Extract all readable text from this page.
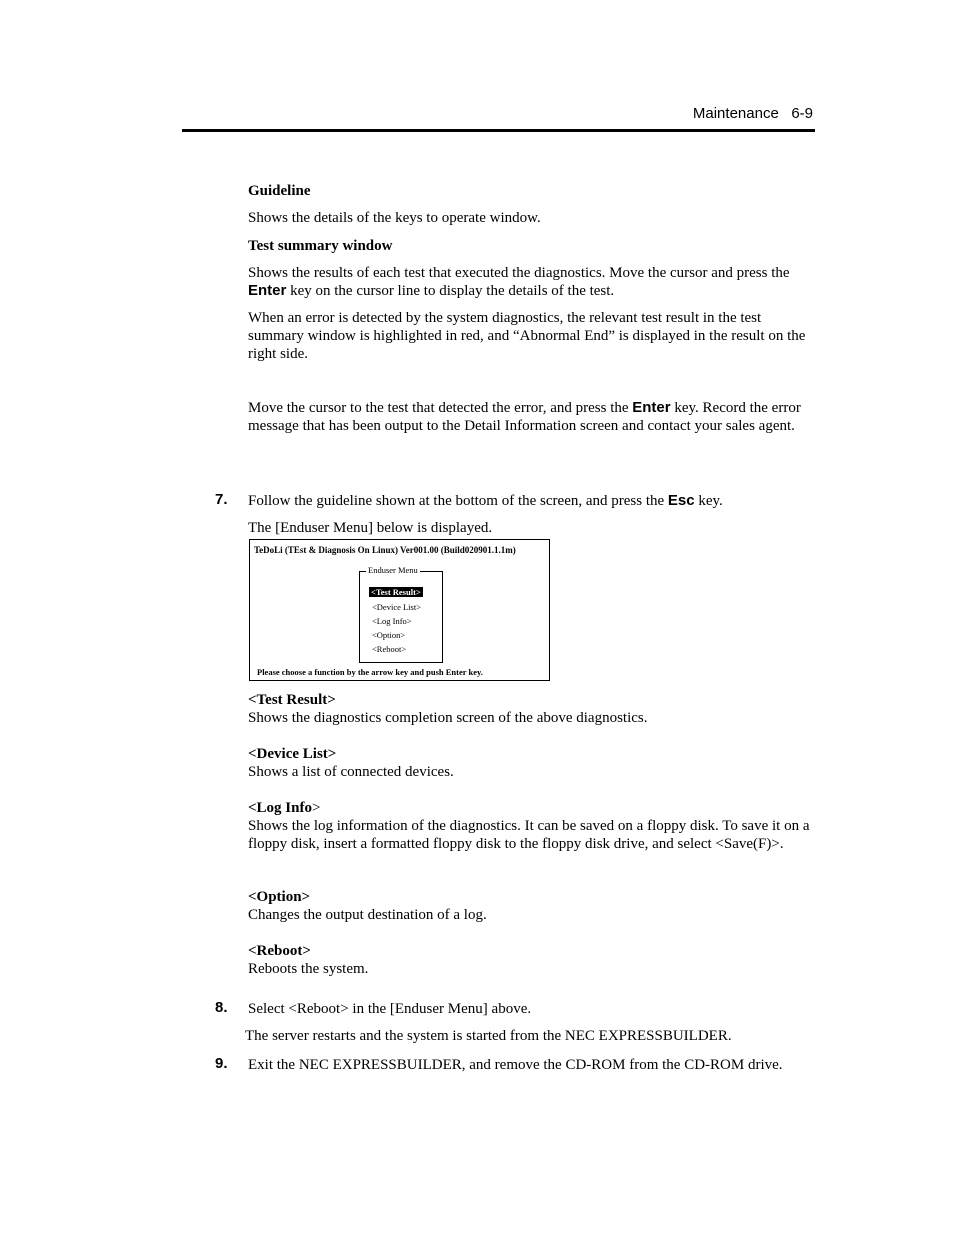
Maintenance 6-9
Guideline
Shows the details of the keys to operate window.
Test summary window
Shows the results of each test that executed the diagnostics. Move the cursor and press the
Enter key on the cursor line to display the details of the test.
When an error is detected by the system diagnostics, the relevant test result in the test summary window is highlighted in red, and “Abnormal End” is displayed in the result on the right side.
Move the cursor to the test that detected the error, and press the Enter key. Record the error message that has been output to the Detail Information screen and contact your sales agent.
7. Follow the guideline shown at the bottom of the screen, and press the Esc key.
The [Enduser Menu] below is displayed.
TeDoLi (TEst & Diagnosis On Linux) Ver001.00 (Build020901.1.1m)
Enduser Menu
<Test Result>
<Device List>
<Log Info>
<Option>
<Reboot>
Please choose a function by the arrow key and push Enter key.
<Test Result>
Shows the diagnostics completion screen of the above diagnostics.
<Device List>
Shows a list of connected devices.
<Log Info>
Shows the log information of the diagnostics. It can be saved on a floppy disk. To save it on a floppy disk, insert a formatted floppy disk to the floppy disk drive, and select <Save(F)>.
<Option>
Changes the output destination of a log.
<Reboot>
Reboots the system.
8. Select <Reboot> in the [Enduser Menu] above.
The server restarts and the system is started from the NEC EXPRESSBUILDER.
9. Exit the NEC EXPRESSBUILDER, and remove the CD-ROM from the CD-ROM drive.
